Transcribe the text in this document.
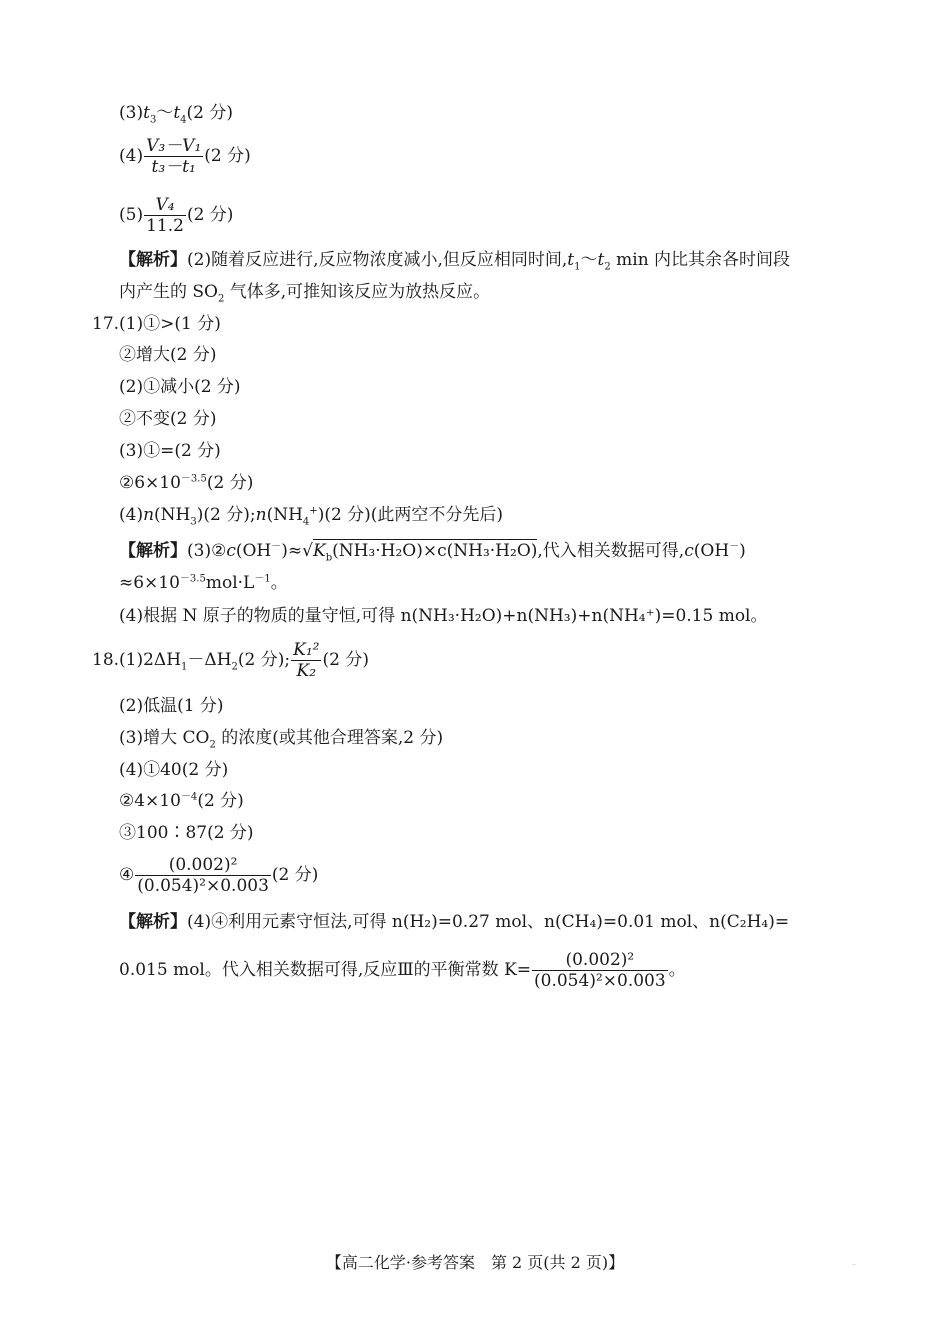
$(3)t_3\sim t_4(2$ 分)
$(4) \frac{\text{V₃－V₁}}{\text{t₃－t₁}} (2$ 分)
$(5) \frac{\text{V₄}}{11.2} (2$ 分)
【解析】(2)随着反应进行,反应物浓度减小,但反应相同时间$,t_1\sim t_2$ min 内比其余各时间段
内产生的 $SO_2$ 气体多,可推知该反应为放热反应。
17.(1)①>(1 分)
②增大(2 分)
(2)①减小(2 分)
②不变(2 分)
(3)①=(2 分)
$②6\times 10^{-3.5}(2$ 分)
$(4)n(NH_3)(2$ 分)$;n(NH_4^+)(2$ 分)(此两空不分先后)
【解析】$(3)②c(OH^-)\approx√K_b(NH_3\cdot H_2O)\times c(NH_3\cdot H_2O)$,代入相关数据可得,c(OH－)
$\approx 6\times 10^{-3.5}mol\cdot L^{-1}$。
(4)根据 N 原子的物质的量守恒,可得 n(NH₃·H₂O)+n(NH₃)+n(NH₄⁺)=0.15 mol。
$18.(1)2\Delta H_1-\Delta H_2(2$ 分); $\frac{\text{K₁²}}{\text{K₂}} (2$ 分)
(2)低温(1 分)
(3)增大 $CO_2$ 的浓度(或其他合理答案,2 分)
(4)①40(2 分)
$②4\times 10^{-4}(2$ 分)
③100∶87(2 分)
④ $\frac{\text{(0.002)²}}{\text{(0.054)²×0.003}} (2$ 分)
【解析】(4)④利用元素守恒法,可得 n(H₂)=0.27 mol、n(CH₄)=0.01 mol、n(C₂H₄)=
0.015 mol。代入相关数据可得,反应Ⅲ的平衡常数 $K= \frac{\text{(0.002)²}}{\text{(0.054)²×0.003}}$ 。
【高二化学·参考答案　第 2 页(共 2 页)】	··
